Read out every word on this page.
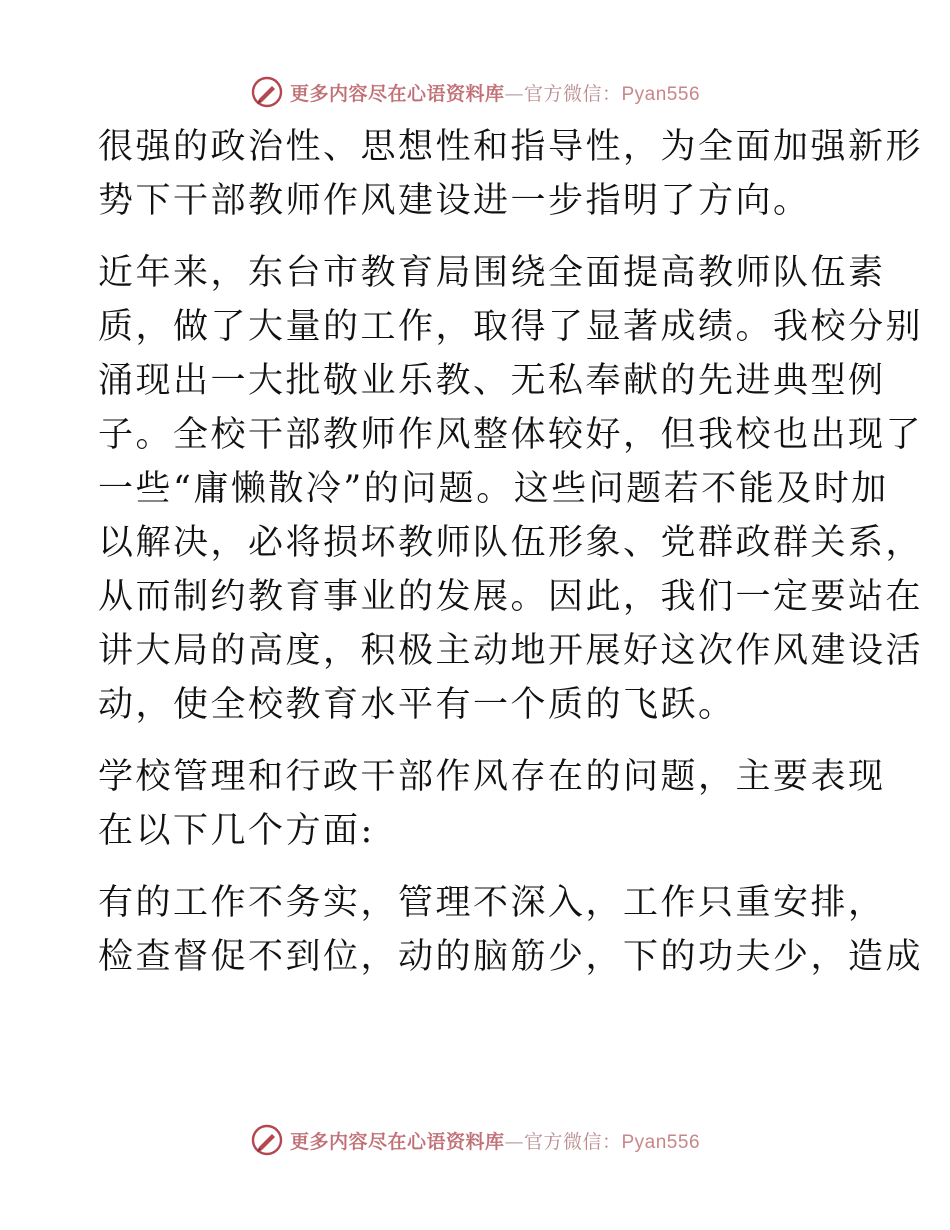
更多内容尽在心语资料库—官方微信：Pyan556
很强的政治性、思想性和指导性，为全面加强新形
势下干部教师作风建设进一步指明了方向。
近年来，东台市教育局围绕全面提高教师队伍素
质，做了大量的工作，取得了显著成绩。我校分别
涌现出一大批敬业乐教、无私奉献的先进典型例
子。全校干部教师作风整体较好，但我校也出现了
一些“庸懒散冷”的问题。这些问题若不能及时加
以解决，必将损坏教师队伍形象、党群政群关系，
从而制约教育事业的发展。因此，我们一定要站在
讲大局的高度，积极主动地开展好这次作风建设活
动，使全校教育水平有一个质的飞跃。
学校管理和行政干部作风存在的问题，主要表现
在以下几个方面:
有的工作不务实，管理不深入，工作只重安排，
检查督促不到位，动的脑筋少，下的功夫少，造成
更多内容尽在心语资料库—官方微信：Pyan556
